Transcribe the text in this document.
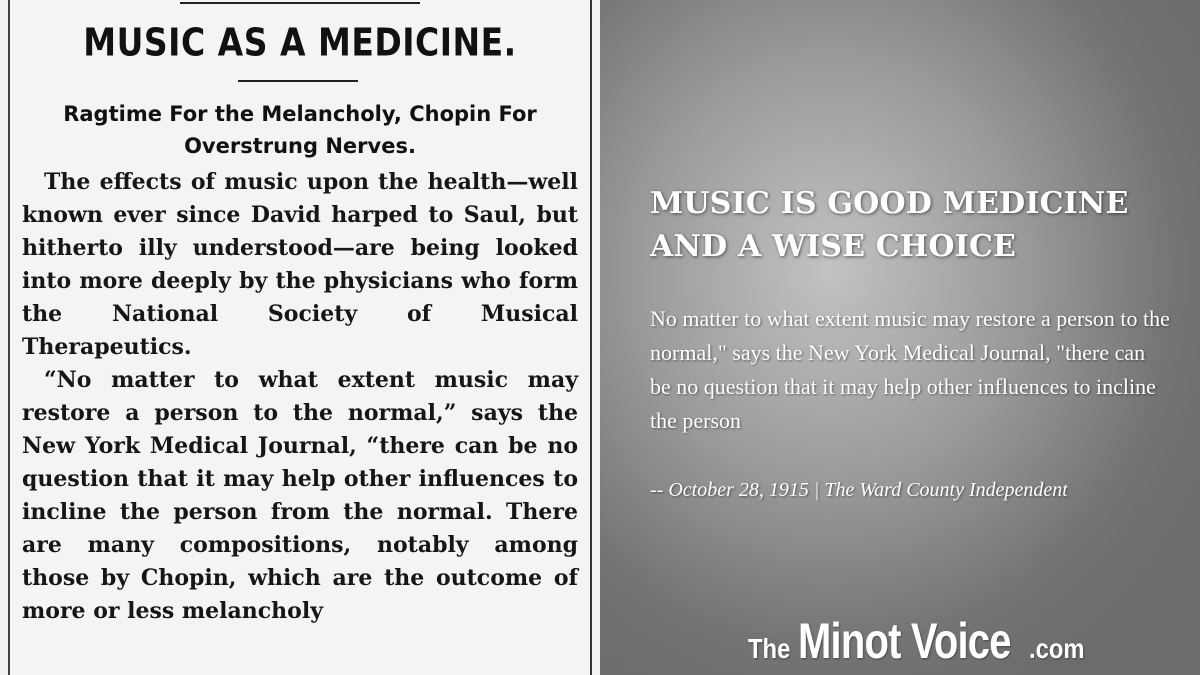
MUSIC AS A MEDICINE.
Ragtime For the Melancholy, Chopin For Overstrung Nerves.

The effects of music upon the health—well known ever since David harped to Saul, but hitherto illy understood—are being looked into more deeply by the physicians who form the National Society of Musical Therapeutics.

“No matter to what extent music may restore a person to the normal,” says the New York Medical Journal, “there can be no question that it may help other influences to incline the person from the normal. There are many compositions, notably among those by Chopin, which are the outcome of more or less melancholy

MUSIC IS GOOD MEDICINE AND A WISE CHOICE

No matter to what extent music may restore a person to the normal," says the New York Medical Journal, "there can be no question that it may help other influences to incline the person

-- October 28, 1915 | The Ward County Independent

The Minot Voice .com
